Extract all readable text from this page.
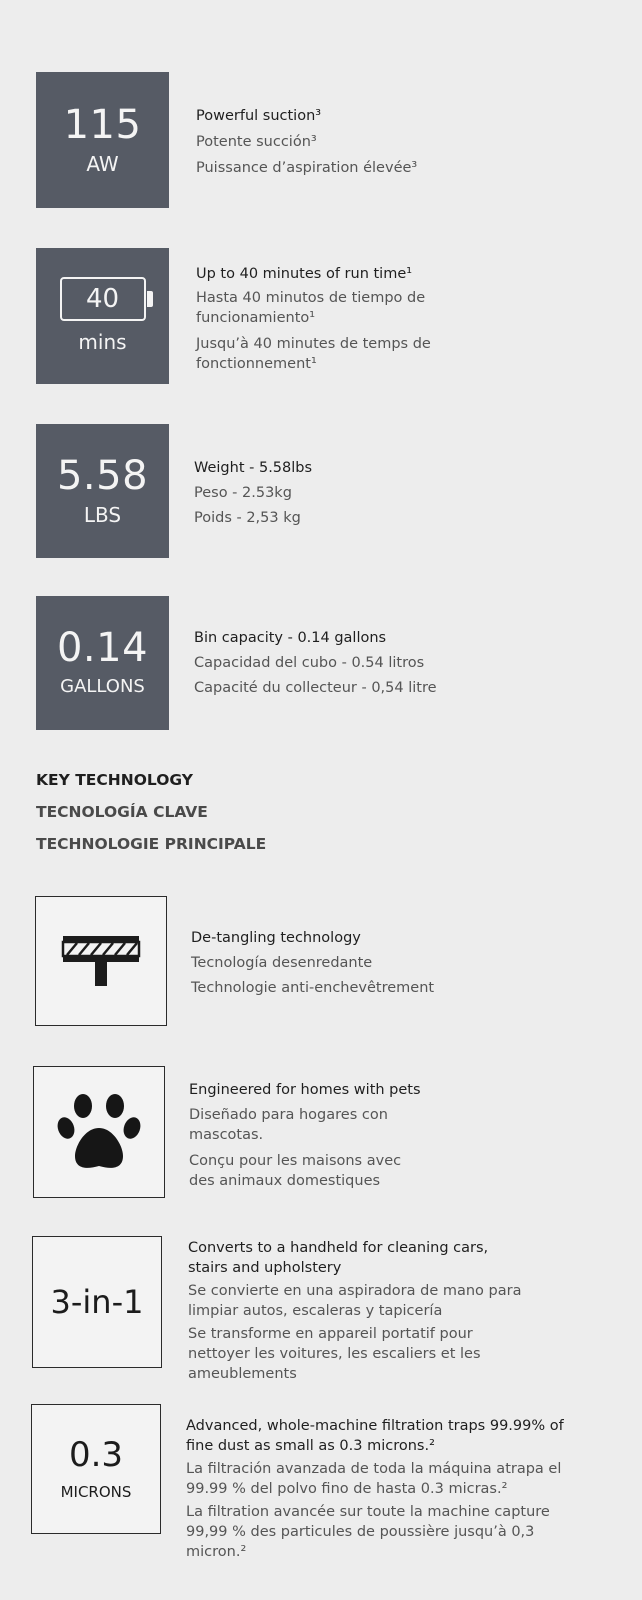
115
AW
Powerful suction³
Potente succión³
Puissance d’aspiration élevée³
40
mins
Up to 40 minutes of run time¹
Hasta 40 minutos de tiempo de funcionamiento¹
Jusqu’à 40 minutes de temps de fonctionnement¹
5.58
LBS
Weight - 5.58lbs
Peso - 2.53kg
Poids - 2,53 kg
0.14
GALLONS
Bin capacity - 0.14 gallons
Capacidad del cubo - 0.54 litros
Capacité du collecteur - 0,54 litre
KEY TECHNOLOGY
TECNOLOGÍA CLAVE
TECHNOLOGIE PRINCIPALE
De-tangling technology
Tecnología desenredante
Technologie anti-enchevêtrement
Engineered for homes with pets
Diseñado para hogares con mascotas.
Conçu pour les maisons avec des animaux domestiques
3-in-1
Converts to a handheld for cleaning cars, stairs and upholstery
Se convierte en una aspiradora de mano para limpiar autos, escaleras y tapicería
Se transforme en appareil portatif pour nettoyer les voitures, les escaliers et les ameublements
0.3
MICRONS
Advanced, whole-machine filtration traps 99.99% of fine dust as small as 0.3 microns.²
La filtración avanzada de toda la máquina atrapa el 99.99 % del polvo fino de hasta 0.3 micras.²
La filtration avancée sur toute la machine capture 99,99 % des particules de poussière jusqu’à 0,3 micron.²
